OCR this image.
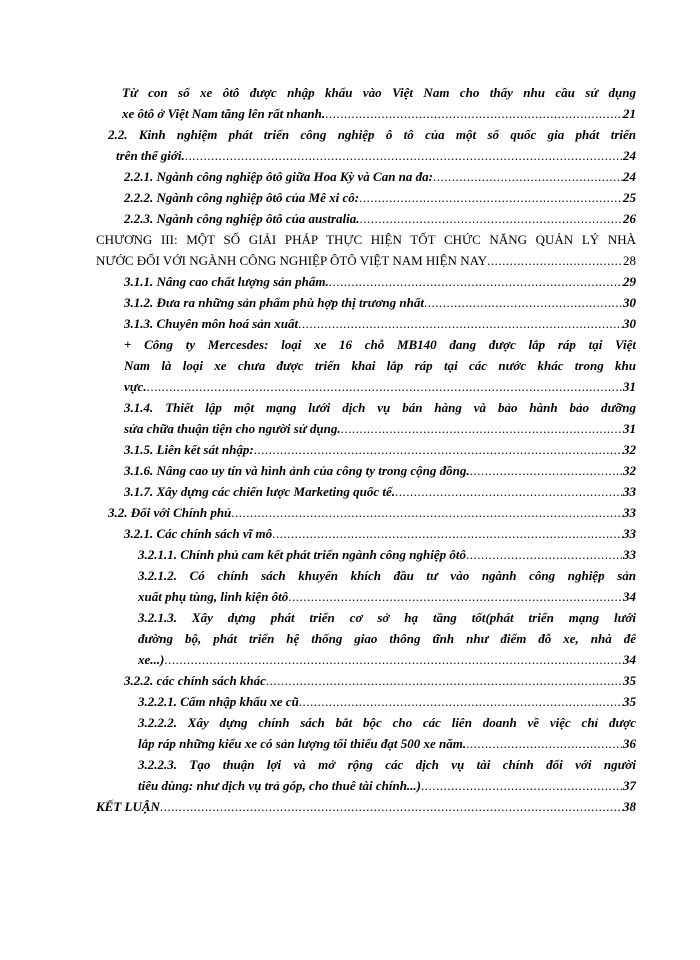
Từ con số xe ôtô được nhập khẩu vào Việt Nam cho thấy nhu cầu sử dụng
xe ôtô ở Việt Nam tăng lên rất nhanh. .....	21
2.2. Kinh nghiệm phát triển công nghiệp ô tô của một số quốc gia phát triển
trên thế giới. .....	24
2.2.1. Ngành công nghiệp ôtô giữa Hoa Kỳ và Can na đa: .....	24
2.2.2. Ngành công nghiệp ôtô của Mê xi cô: .....	25
2.2.3. Ngành công nghiệp ôtô của australia. .....	26
CHƯƠNG III: MỘT SỐ GIẢI PHÁP THỰC HIỆN TỐT CHỨC NĂNG QUẢN LÝ NHÀ
NƯỚC ĐỐI VỚI NGÀNH CÔNG NGHIỆP ÔTÔ VIỆT NAM HIỆN NAY .....	28
3.1.1. Nâng cao chất lượng sản phẩm. .....	29
3.1.2. Đưa ra những sản phẩm phù hợp thị trương nhất .....	30
3.1.3. Chuyên môn hoá sản xuất .....	30
+ Công ty Mercesdes: loại xe 16 chỗ MB140 đang được lắp ráp tại Việt
Nam là loại xe chưa được triển khai lắp ráp tại các nước khác trong khu
vực. .....	31
3.1.4. Thiết lập một mạng lưới dịch vụ bán hàng và bảo hành bảo dưỡng
sửa chữa thuận tiện cho người sử dụng. .....	31
3.1.5. Liên kết sát nhập: .....	32
3.1.6. Nâng cao uy tín và hình ảnh của công ty trong cộng đồng. .....	32
3.1.7. Xây dựng các chiến lược Marketing quốc tế. .....	33
3.2. Đối với Chính phủ .....	33
3.2.1. Các chính sách vĩ mô .....	33
3.2.1.1. Chính phủ cam kết phát triển ngành công nghiệp ôtô .....	33
3.2.1.2. Có chính sách khuyến khích đầu tư vào ngành công nghiệp sản
xuất phụ tùng, linh kiện ôtô .....	34
3.2.1.3. Xây dựng phát triển cơ sở hạ tầng tốt(phát triển mạng lưới
đường bộ, phát triển hệ thống giao thông tĩnh như điểm đỗ xe, nhà để
xe...) .....	34
3.2.2. các chính sách khác .....	35
3.2.2.1. Cấm nhập khẩu xe cũ .....	35
3.2.2.2. Xây dựng chính sách bắt bộc cho các liên doanh về việc chỉ được
lắp ráp những kiểu xe có sản lượng tối thiểu đạt 500 xe năm. .....	36
3.2.2.3. Tạo thuận lợi và mở rộng các dịch vụ tài chính đối với người
tiêu dùng: như dịch vụ trả góp, cho thuê tài chính...) .....	37
KẾT LUẬN .....	38
